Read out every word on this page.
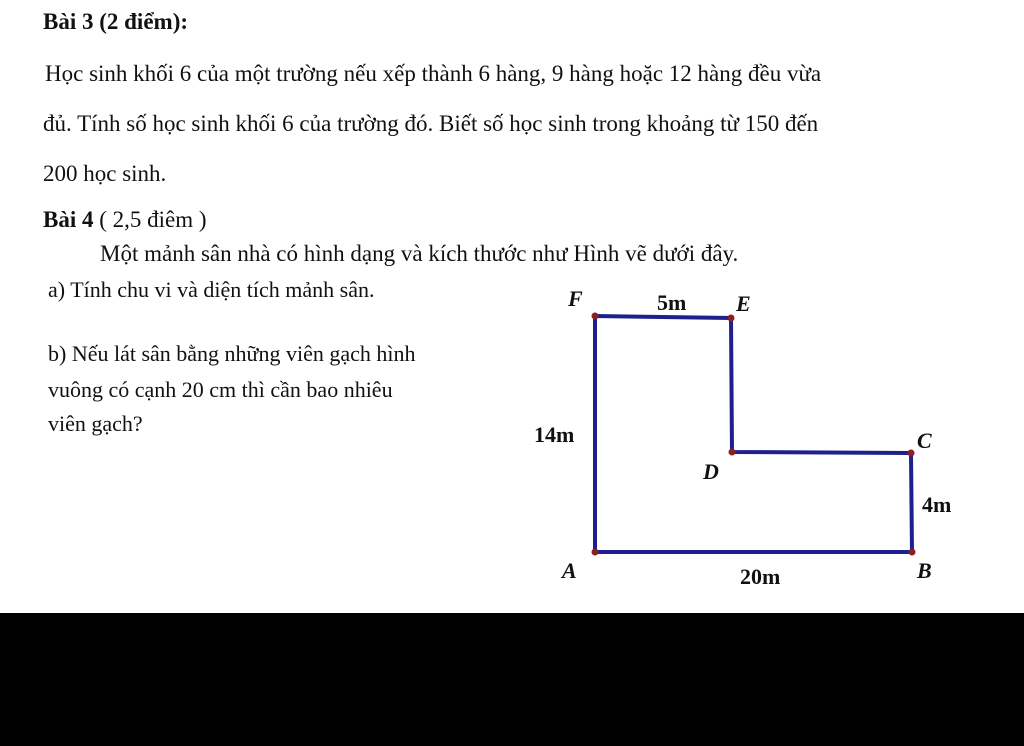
Bài 3 (2 điểm):
Học sinh khối 6 của một trường nếu xếp thành 6 hàng, 9 hàng hoặc 12 hàng đều vừa
đủ. Tính số học sinh khối 6 của trường đó. Biết số học sinh trong khoảng từ 150 đến
200 học sinh.
Bài 4 ( 2,5 điêm )
Một mảnh sân nhà có hình dạng và kích thước như Hình vẽ dưới đây.
a) Tính chu vi và diện tích mảnh sân.
b) Nếu lát sân bằng những viên gạch hình
vuông có cạnh 20 cm thì cần bao nhiêu
viên gạch?
F	E
C
D
A	B
5m
14m
4m
20m
